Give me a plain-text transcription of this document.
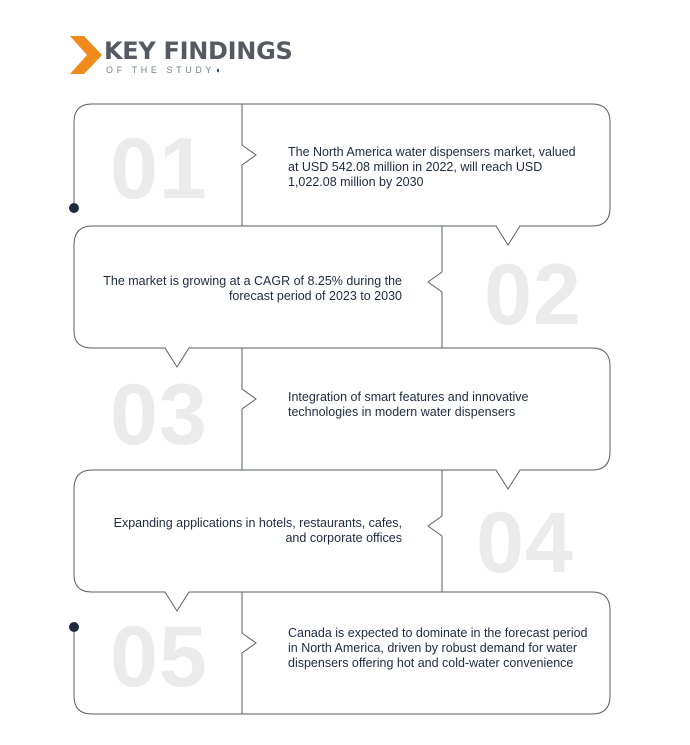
KEY FINDINGS
OF THE STUDY◖
01	The North America water dispensers market, valued at USD 542.08 million in 2022, will reach USD 1,022.08 million by 2030
02
The market is growing at a CAGR of 8.25% during the forecast period of 2023 to 2030
03	Integration of smart features and innovative technologies in modern water dispensers
04
Expanding applications in hotels, restaurants, cafes, and corporate offices
05	Canada is expected to dominate in the forecast period in North America, driven by robust demand for water dispensers offering hot and cold-water convenience
